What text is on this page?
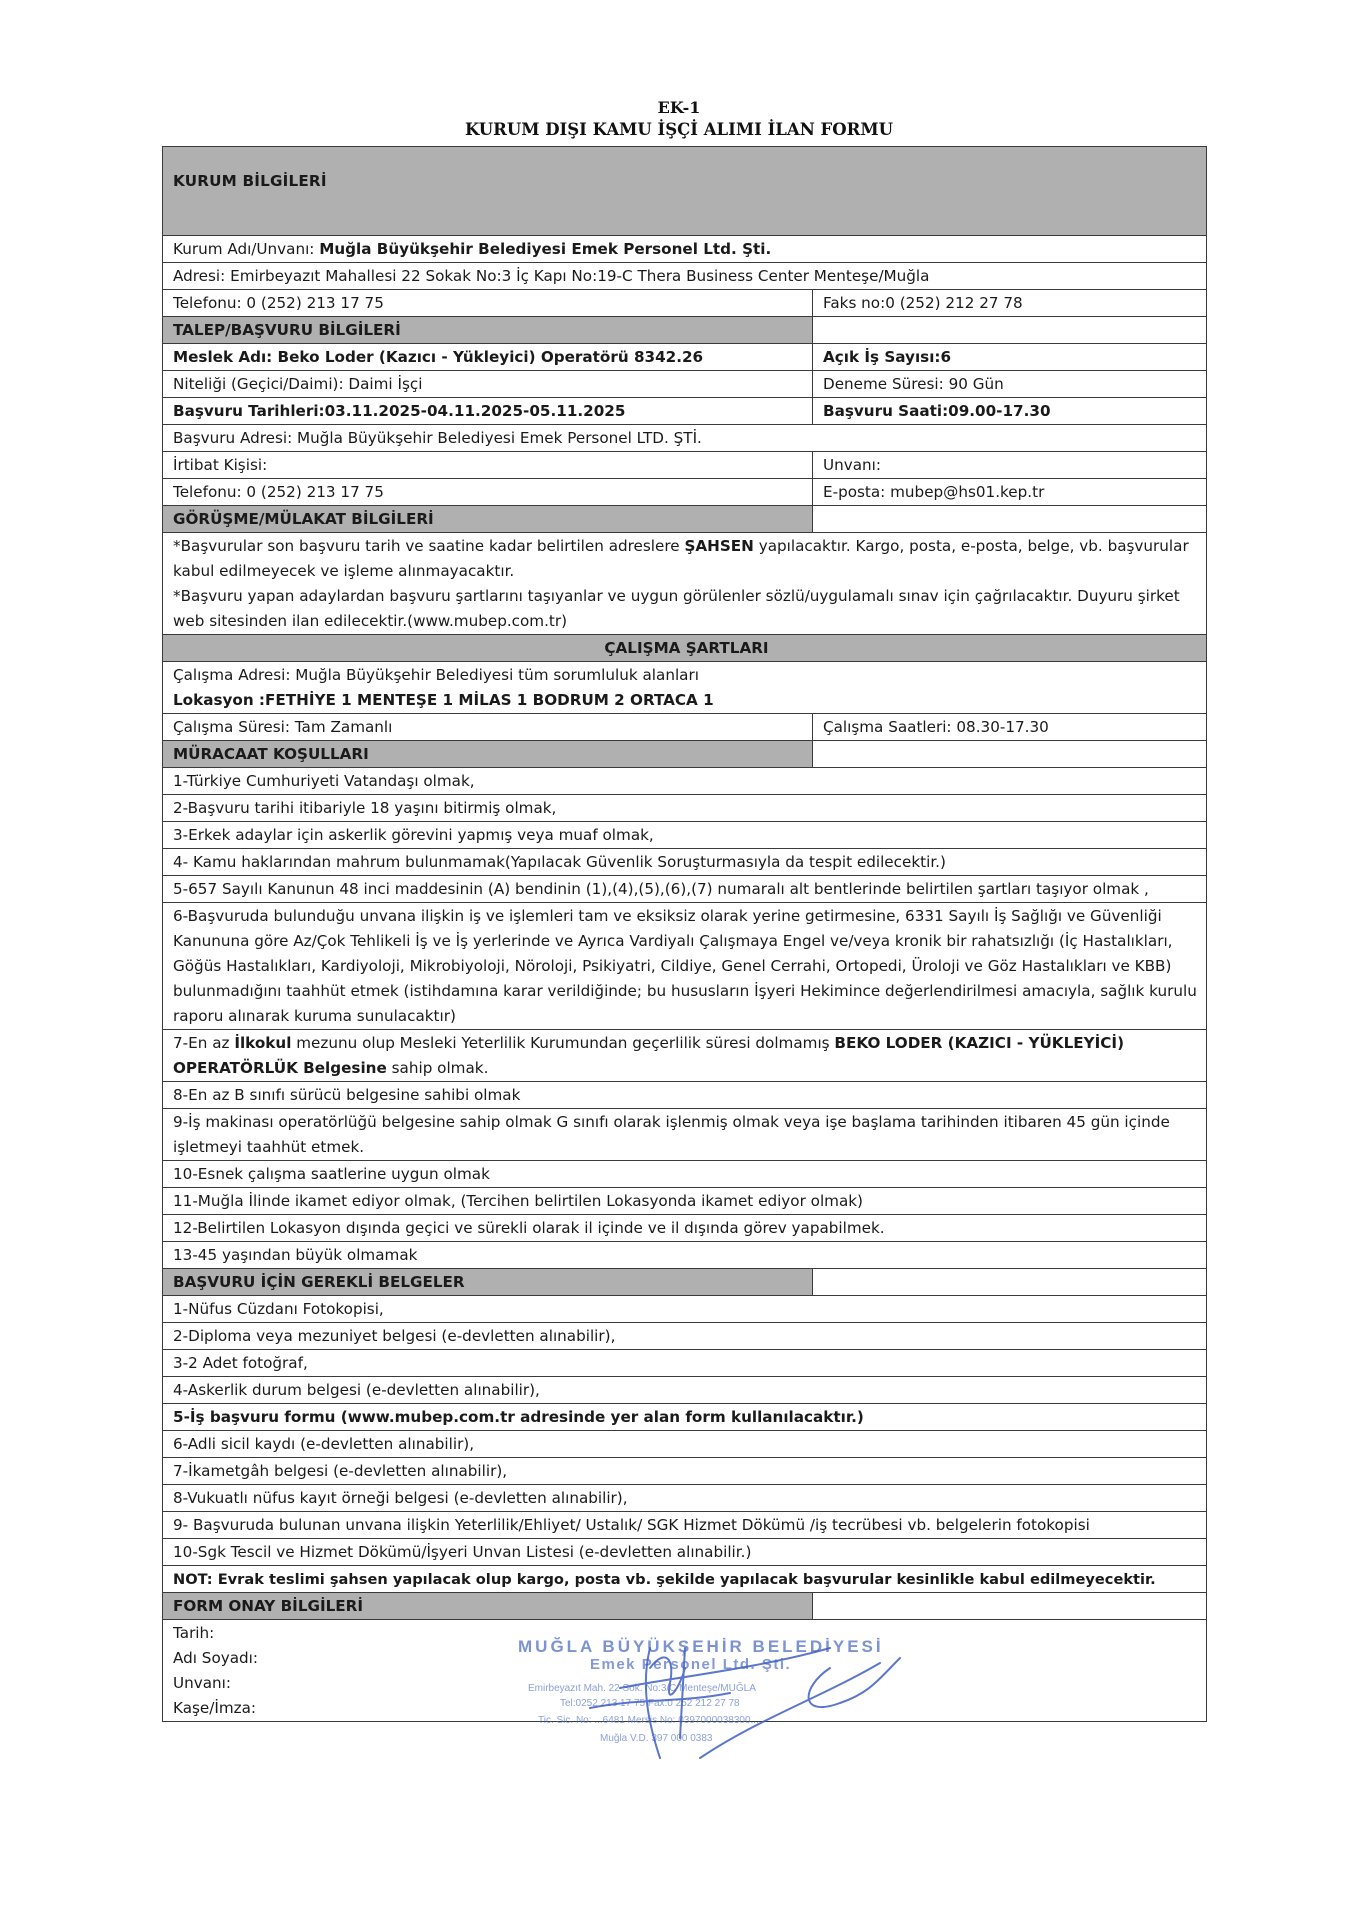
EK-1
KURUM DIŞI KAMU İŞÇİ ALIMI İLAN FORMU
KURUM BİLGİLERİ	
Kurum Adı/Unvanı: Muğla Büyükşehir Belediyesi Emek Personel Ltd. Şti.	
Adresi: Emirbeyazıt Mahallesi 22 Sokak No:3 İç Kapı No:19-C Thera Business Center Menteşe/Muğla	
Telefonu: 0 (252) 213 17 75	Faks no:0 (252) 212 27 78
TALEP/BAŞVURU BİLGİLERİ	
Meslek Adı: Beko Loder (Kazıcı - Yükleyici) Operatörü 8342.26	Açık İş Sayısı:6
Niteliği (Geçici/Daimi): Daimi İşçi	Deneme Süresi: 90 Gün
Başvuru Tarihleri:03.11.2025-04.11.2025-05.11.2025	Başvuru Saati:09.00-17.30
Başvuru Adresi: Muğla Büyükşehir Belediyesi Emek Personel LTD. ŞTİ.	
İrtibat Kişisi:	Unvanı:
Telefonu: 0 (252) 213 17 75	E-posta: mubep@hs01.kep.tr
GÖRÜŞME/MÜLAKAT BİLGİLERİ	

*Başvurular son başvuru tarih ve saatine kadar belirtilen adreslere ŞAHSEN yapılacaktır. Kargo, posta, e-posta, belge, vb. başvurular kabul edilmeyecek ve işleme alınmayacaktır.
*Başvuru yapan adaylardan başvuru şartlarını taşıyanlar ve uygun görülenler sözlü/uygulamalı sınav için çağrılacaktır. Duyuru şirket web sitesinden ilan edilecektir.(www.mubep.com.tr)	

ÇALIŞMA ŞARTLARI	

Çalışma Adresi: Muğla Büyükşehir Belediyesi tüm sorumluluk alanları
Lokasyon :FETHİYE 1 MENTEŞE 1 MİLAS 1 BODRUM 2 ORTACA 1	

Çalışma Süresi: Tam Zamanlı	Çalışma Saatleri: 08.30-17.30
MÜRACAAT KOŞULLARI	
1-Türkiye Cumhuriyeti Vatandaşı olmak,	
2-Başvuru tarihi itibariyle 18 yaşını bitirmiş olmak,	
3-Erkek adaylar için askerlik görevini yapmış veya muaf olmak,	
4- Kamu haklarından mahrum bulunmamak(Yapılacak Güvenlik Soruşturmasıyla da tespit edilecektir.)	
5-657 Sayılı Kanunun 48 inci maddesinin (A) bendinin (1),(4),(5),(6),(7) numaralı alt bentlerinde belirtilen şartları taşıyor olmak ,	
6-Başvuruda bulunduğu unvana ilişkin iş ve işlemleri tam ve eksiksiz olarak yerine getirmesine, 6331 Sayılı İş Sağlığı ve Güvenliği Kanununa göre Az/Çok Tehlikeli İş ve İş yerlerinde ve Ayrıca Vardiyalı Çalışmaya Engel ve/veya kronik bir rahatsızlığı (İç Hastalıkları, Göğüs Hastalıkları, Kardiyoloji, Mikrobiyoloji, Nöroloji, Psikiyatri, Cildiye, Genel Cerrahi, Ortopedi, Üroloji ve Göz Hastalıkları ve KBB) bulunmadığını taahhüt etmek (istihdamına karar verildiğinde; bu hususların İşyeri Hekimince değerlendirilmesi amacıyla, sağlık kurulu raporu alınarak kuruma sunulacaktır)	
7-En az İlkokul mezunu olup Mesleki Yeterlilik Kurumundan geçerlilik süresi dolmamış BEKO LODER (KAZICI - YÜKLEYİCİ) OPERATÖRLÜK Belgesine sahip olmak.	
8-En az B sınıfı sürücü belgesine sahibi olmak	
9-İş makinası operatörlüğü belgesine sahip olmak G sınıfı olarak işlenmiş olmak veya işe başlama tarihinden itibaren 45 gün içinde işletmeyi taahhüt etmek.	
10-Esnek çalışma saatlerine uygun olmak	
11-Muğla İlinde ikamet ediyor olmak, (Tercihen belirtilen Lokasyonda ikamet ediyor olmak)	
12-Belirtilen Lokasyon dışında geçici ve sürekli olarak il içinde ve il dışında görev yapabilmek.	
13-45 yaşından büyük olmamak	
BAŞVURU İÇİN GEREKLİ BELGELER	
1-Nüfus Cüzdanı Fotokopisi,	
2-Diploma veya mezuniyet belgesi (e-devletten alınabilir),	
3-2 Adet fotoğraf,	
4-Askerlik durum belgesi (e-devletten alınabilir),	
5-İş başvuru formu (www.mubep.com.tr adresinde yer alan form kullanılacaktır.)	
6-Adli sicil kaydı (e-devletten alınabilir),	
7-İkametgâh belgesi (e-devletten alınabilir),	
8-Vukuatlı nüfus kayıt örneği belgesi (e-devletten alınabilir),	
9- Başvuruda bulunan unvana ilişkin Yeterlilik/Ehliyet/ Ustalık/ SGK Hizmet Dökümü /iş tecrübesi vb. belgelerin fotokopisi	
10-Sgk Tescil ve Hizmet Dökümü/İşyeri Unvan Listesi (e-devletten alınabilir.)	
NOT: Evrak teslimi şahsen yapılacak olup kargo, posta vb. şekilde yapılacak başvurular kesinlikle kabul edilmeyecektir.	
FORM ONAY BİLGİLERİ	

Tarih:
Adı Soyadı:
Unvanı:
Kaşe/İmza:	
MUĞLA BÜYÜKŞEHİR BELEDİYESİ
Emek Personel Ltd. Şti.
Emirbeyazıt Mah. 22 Sok. No:3/C Menteşe/MUĞLA
Tel:0252 213 17 75 Fax:0 252 212 27 78
Tic. Sic. No: ...6481 Mersis No: 0397000038300...
Muğla V.D. 397 000 0383
